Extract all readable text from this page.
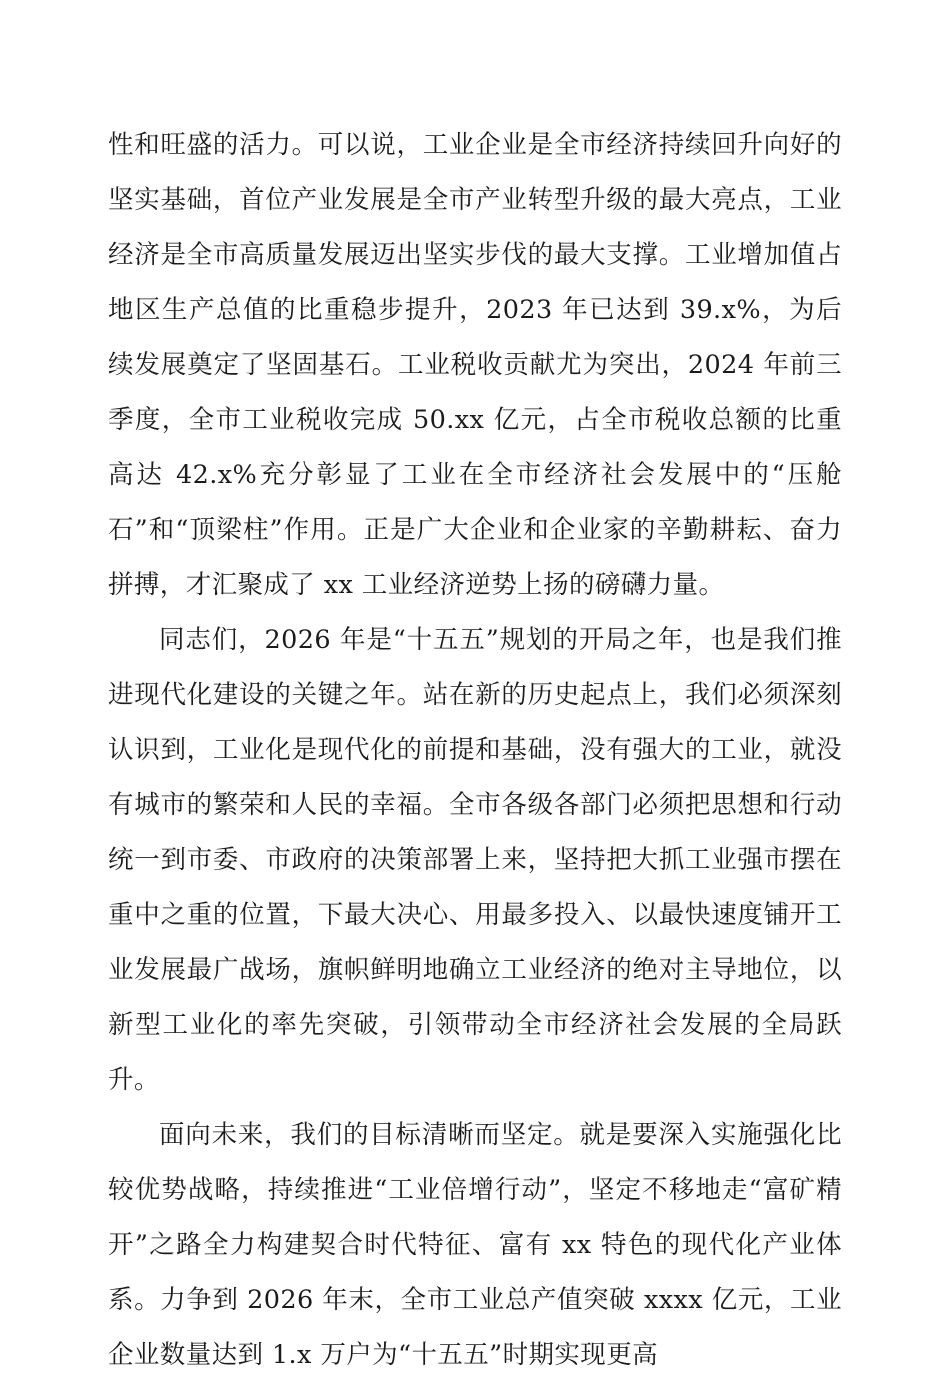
性和旺盛的活力。可以说，工业企业是全市经济持续回升向好的坚实基础，首位产业发展是全市产业转型升级的最大亮点，工业经济是全市高质量发展迈出坚实步伐的最大支撑。工业增加值占地区生产总值的比重稳步提升，2023 年已达到 39.x%，为后续发展奠定了坚固基石。工业税收贡献尤为突出，2024 年前三季度，全市工业税收完成 50.xx 亿元，占全市税收总额的比重高达 42.x%充分彰显了工业在全市经济社会发展中的“压舱石”和“顶梁柱”作用。正是广大企业和企业家的辛勤耕耘、奋力拼搏，才汇聚成了 xx 工业经济逆势上扬的磅礴力量。

同志们，2026 年是“十五五”规划的开局之年，也是我们推进现代化建设的关键之年。站在新的历史起点上，我们必须深刻认识到，工业化是现代化的前提和基础，没有强大的工业，就没有城市的繁荣和人民的幸福。全市各级各部门必须把思想和行动统一到市委、市政府的决策部署上来，坚持把大抓工业强市摆在重中之重的位置，下最大决心、用最多投入、以最快速度铺开工业发展最广战场，旗帜鲜明地确立工业经济的绝对主导地位，以新型工业化的率先突破，引领带动全市经济社会发展的全局跃升。

面向未来，我们的目标清晰而坚定。就是要深入实施强化比较优势战略，持续推进“工业倍增行动”，坚定不移地走“富矿精开”之路全力构建契合时代特征、富有 xx 特色的现代化产业体系。力争到 2026 年末，全市工业总产值突破 xxxx 亿元，工业企业数量达到 1.x 万户为“十五五”时期实现更高
